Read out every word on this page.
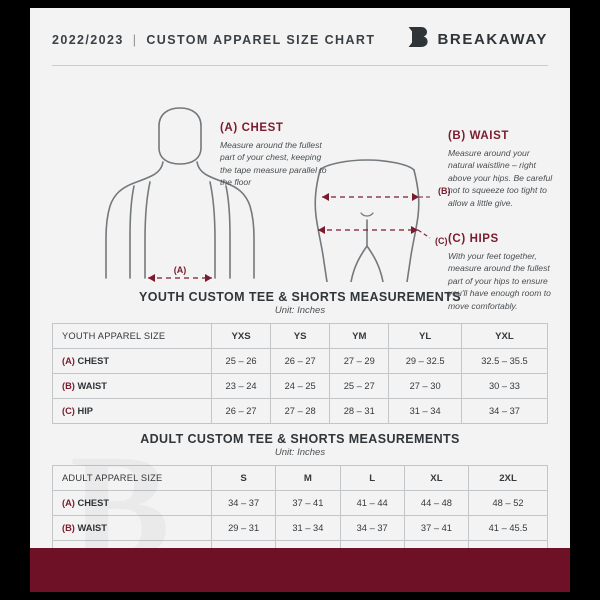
2022/2023 | CUSTOM APPAREL SIZE CHART	BREAKAWAY
(A)
(B)
(C)
(A) CHEST

Measure around the fullest part of your chest, keeping the tape measure parallel to the floor

(B) WAIST

Measure around your natural waistline – right above your hips. Be careful not to squeeze too tight to allow a little give.

(C) HIPS

With your feet together, measure around the fullest part of your hips to ensure you'll have enough room to move comfortably.

YOUTH CUSTOM TEE & SHORTS MEASUREMENTS
Unit: Inches
YOUTH APPAREL SIZE	YXS	YS	YM	YL	YXL
(A) CHEST	25 – 26	26 – 27	27 – 29	29 – 32.5	32.5 – 35.5
(B) WAIST	23 – 24	24 – 25	25 – 27	27 – 30	30 – 33
(C) HIP	26 – 27	27 – 28	28 – 31	31 – 34	34 – 37
ADULT CUSTOM TEE & SHORTS MEASUREMENTS
Unit: Inches
ADULT APPAREL SIZE	S	M	L	XL	2XL
(A) CHEST	34 – 37	37 – 41	41 – 44	44 – 48	48 – 52
(B) WAIST	29 – 31	31 – 34	34 – 37	37 – 41	41 – 45.5
